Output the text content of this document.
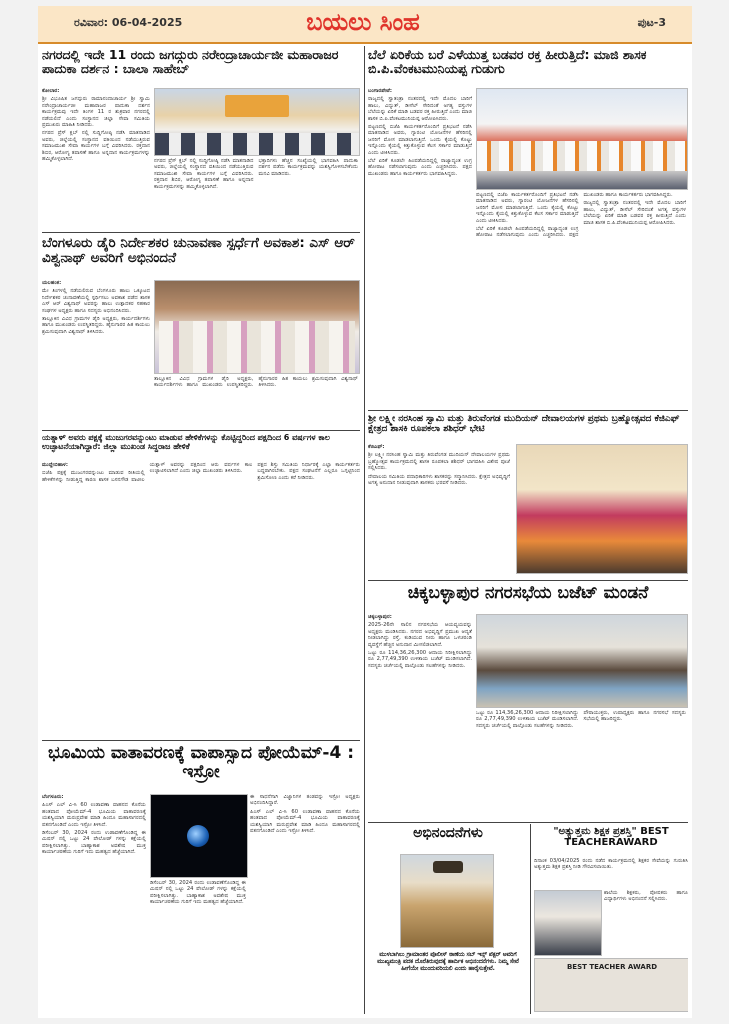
ರವಿವಾರ: 06-04-2025	ಬಯಲು ಸಿಂಹ	ಪುಟ-3
ನಗರದಲ್ಲಿ ಇದೇ 11 ರಂದು ಜಗದ್ಗುರು ನರೇಂದ್ರಾಚಾರ್ಯಜೀ ಮಹಾರಾಜರ ಪಾದುಕಾ ದರ್ಶನ : ಬಾಲಾ ಸಾಹೇಬ್

ಕೋಲಾರ:

ಶ್ರೀ ವಿಭೂಷಿತ ಜಗದ್ಗುರು ರಾಮಾನಂದಾಚಾರ್ಯ ಶ್ರೀ ಸ್ವಾಮಿ ನರೇಂದ್ರಾಚಾರ್ಯಜೀ ಮಹಾರಾಜರ ಪಾದುಕಾ ದರ್ಶನ ಕಾರ್ಯಕ್ರಮವು ಇದೇ ತಿಂಗಳ 11 ರ ಶುಕ್ರವಾರ ನಗರದಲ್ಲಿ ನಡೆಯಲಿದೆ ಎಂದು ಸಂಸ್ಥಾನದ ಜಿಲ್ಲಾ ಸೇವಾ ಸಮಿತಿಯ ಪ್ರಮುಖರು ಮಾಹಿತಿ ನೀಡಿದರು.

ನಗರದ ಪ್ರೆಸ್ ಕ್ಲಬ್ ನಲ್ಲಿ ಸುದ್ದಿಗೋಷ್ಠಿ ನಡೆಸಿ ಮಾತನಾಡಿದ ಅವರು, ಜಿಲ್ಲೆಯಲ್ಲಿ ಸಂಸ್ಥಾನದ ವತಿಯಿಂದ ನಡೆಯುತ್ತಿರುವ ಸಮಾಜಮುಖಿ ಸೇವಾ ಕಾರ್ಯಗಳ ಬಗ್ಗೆ ವಿವರಿಸಿದರು. ರಕ್ತದಾನ ಶಿಬಿರ, ಆರೋಗ್ಯ ತಪಾಸಣೆ ಹಾಗೂ ಅನ್ನದಾನ ಕಾರ್ಯಕ್ರಮಗಳನ್ನು ಹಮ್ಮಿಕೊಳ್ಳಲಾಗಿದೆ.	ನಗರದ ಪ್ರೆಸ್ ಕ್ಲಬ್ ನಲ್ಲಿ ಸುದ್ದಿಗೋಷ್ಠಿ ನಡೆಸಿ ಮಾತನಾಡಿದ ಅವರು, ಜಿಲ್ಲೆಯಲ್ಲಿ ಸಂಸ್ಥಾನದ ವತಿಯಿಂದ ನಡೆಯುತ್ತಿರುವ ಸಮಾಜಮುಖಿ ಸೇವಾ ಕಾರ್ಯಗಳ ಬಗ್ಗೆ ವಿವರಿಸಿದರು. ರಕ್ತದಾನ ಶಿಬಿರ, ಆರೋಗ್ಯ ತಪಾಸಣೆ ಹಾಗೂ ಅನ್ನದಾನ ಕಾರ್ಯಕ್ರಮಗಳನ್ನು ಹಮ್ಮಿಕೊಳ್ಳಲಾಗಿದೆ.

ಭಕ್ತಾದಿಗಳು ಹೆಚ್ಚಿನ ಸಂಖ್ಯೆಯಲ್ಲಿ ಭಾಗವಹಿಸಿ ಪಾದುಕಾ ದರ್ಶನ ಪಡೆದು ಕಾರ್ಯಕ್ರಮವನ್ನು ಯಶಸ್ವಿಗೊಳಿಸಬೇಕೆಂದು ಮನವಿ ಮಾಡಿದರು.

ಬೆಂಗಳೂರು ಡೈರಿ ನಿರ್ದೇಶಕರ ಚುನಾವಣಾ ಸ್ಪರ್ಧೆಗೆ ಅವಕಾಶ: ಎಸ್ ಆರ್ ವಿಶ್ವನಾಥ್ ಅವರಿಗೆ ಅಭಿನಂದನೆ

ಯಲಹಂಕ:

ಮೇ ತಿಂಗಳಲ್ಲಿ ನಡೆಯಲಿರುವ ಬೆಂಗಳೂರು ಹಾಲು ಒಕ್ಕೂಟದ ನಿರ್ದೇಶಕರ ಚುನಾವಣೆಯಲ್ಲಿ ಸ್ಪರ್ಧಿಸಲು ಅವಕಾಶ ಪಡೆದ ಶಾಸಕ ಎಸ್ ಆರ್ ವಿಶ್ವನಾಥ್ ಅವರನ್ನು ಹಾಲು ಉತ್ಪಾದಕರ ಸಹಕಾರ ಸಂಘಗಳ ಅಧ್ಯಕ್ಷರು ಹಾಗೂ ಸದಸ್ಯರು ಅಭಿನಂದಿಸಿದರು.

ತಾಲ್ಲೂಕಿನ ವಿವಿಧ ಗ್ರಾಮಗಳ ಡೈರಿ ಅಧ್ಯಕ್ಷರು, ಕಾರ್ಯದರ್ಶಿಗಳು ಹಾಗೂ ಮುಖಂಡರು ಉಪಸ್ಥಿತರಿದ್ದರು. ಹೈನುಗಾರರ ಹಿತ ಕಾಯಲು ಶ್ರಮಿಸುವುದಾಗಿ ವಿಶ್ವನಾಥ್ ತಿಳಿಸಿದರು.

ತಾಲ್ಲೂಕಿನ ವಿವಿಧ ಗ್ರಾಮಗಳ ಡೈರಿ ಅಧ್ಯಕ್ಷರು, ಕಾರ್ಯದರ್ಶಿಗಳು ಹಾಗೂ ಮುಖಂಡರು ಉಪಸ್ಥಿತರಿದ್ದರು. ಹೈನುಗಾರರ ಹಿತ ಕಾಯಲು ಶ್ರಮಿಸುವುದಾಗಿ ವಿಶ್ವನಾಥ್ ತಿಳಿಸಿದರು.

ಯತ್ನಾಳ್ ಅವರು ಪಕ್ಷಕ್ಕೆ ಮುಜುಗರವನ್ನುಂಟು ಮಾಡುವ ಹೇಳಿಕೆಗಳನ್ನು ಕೊಟ್ಟಿದ್ದರಿಂದ ಪಕ್ಷದಿಂದ 6 ವರ್ಷಗಳ ಕಾಲ ಉಚ್ಛಾಟನೆಯಾಗಿದ್ದಾರೆ: ಜಿಲ್ಲಾ ಮುಖಂಡ ಸಿದ್ದರಾಜ ಹೇಳಿಕೆ

ಮುದ್ದೇಬಿಹಾಳ:

ಬಿಜೆಪಿ ಪಕ್ಷಕ್ಕೆ ಮುಜುಗರವನ್ನುಂಟು ಮಾಡುವ ರೀತಿಯಲ್ಲಿ ಹೇಳಿಕೆಗಳನ್ನು ನೀಡುತ್ತಿದ್ದ ಕಾರಣ ಶಾಸಕ ಬಸನಗೌಡ ಪಾಟೀಲ ಯತ್ನಾಳ್ ಅವರನ್ನು ಪಕ್ಷದಿಂದ ಆರು ವರ್ಷಗಳ ಕಾಲ ಉಚ್ಛಾಟಿಸಲಾಗಿದೆ ಎಂದು ಜಿಲ್ಲಾ ಮುಖಂಡರು ತಿಳಿಸಿದರು.

ಪಕ್ಷದ ಶಿಸ್ತು ಸಮಿತಿಯ ನಿರ್ಧಾರಕ್ಕೆ ಎಲ್ಲಾ ಕಾರ್ಯಕರ್ತರು ಬದ್ಧರಾಗಿರಬೇಕು. ಪಕ್ಷದ ಸಂಘಟನೆಗೆ ಎಲ್ಲರೂ ಒಗ್ಗಟ್ಟಿನಿಂದ ಶ್ರಮಿಸೋಣ ಎಂದು ಕರೆ ನೀಡಿದರು.

ಭೂಮಿಯ ವಾತಾವರಣಕ್ಕೆ ವಾಪಾಸ್ಸಾದ ಪೋಯೆಮ್-4 : ಇಸ್ರೋ

ಬೆಂಗಳೂರು:

ಪಿಎಸ್ ಎಲ್ ವಿ-ಸಿ 60 ಉಡಾವಣಾ ವಾಹನದ ಕೊನೆಯ ಹಂತವಾದ ಪೋಯೆಮ್-4 ಭೂಮಿಯ ವಾತಾವರಣಕ್ಕೆ ಯಶಸ್ವಿಯಾಗಿ ಮರುಪ್ರವೇಶ ಮಾಡಿ ಹಿಂದೂ ಮಹಾಸಾಗರದಲ್ಲಿ ಪತನಗೊಂಡಿದೆ ಎಂದು ಇಸ್ರೋ ತಿಳಿಸಿದೆ.

ಡಿಸೆಂಬರ್ 30, 2024 ರಂದು ಉಡಾವಣೆಗೊಂಡಿದ್ದ ಈ ಮಿಷನ್ ನಲ್ಲಿ ಒಟ್ಟು 24 ಪೇಲೋಡ್ ಗಳನ್ನು ಕಕ್ಷೆಯಲ್ಲಿ ಪರೀಕ್ಷಿಸಲಾಗಿತ್ತು. ಬಾಹ್ಯಾಕಾಶ ಅವಶೇಷ ಮುಕ್ತ ಕಾರ್ಯಾಚರಣೆಯ ಗುರಿಗೆ ಇದು ಮಹತ್ವದ ಹೆಜ್ಜೆಯಾಗಿದೆ.

ಡಿಸೆಂಬರ್ 30, 2024 ರಂದು ಉಡಾವಣೆಗೊಂಡಿದ್ದ ಈ ಮಿಷನ್ ನಲ್ಲಿ ಒಟ್ಟು 24 ಪೇಲೋಡ್ ಗಳನ್ನು ಕಕ್ಷೆಯಲ್ಲಿ ಪರೀಕ್ಷಿಸಲಾಗಿತ್ತು. ಬಾಹ್ಯಾಕಾಶ ಅವಶೇಷ ಮುಕ್ತ ಕಾರ್ಯಾಚರಣೆಯ ಗುರಿಗೆ ಇದು ಮಹತ್ವದ ಹೆಜ್ಜೆಯಾಗಿದೆ.

ಈ ಸಾಧನೆಗಾಗಿ ವಿಜ್ಞಾನಿಗಳ ತಂಡವನ್ನು ಇಸ್ರೋ ಅಧ್ಯಕ್ಷರು ಅಭಿನಂದಿಸಿದ್ದಾರೆ.

ಪಿಎಸ್ ಎಲ್ ವಿ-ಸಿ 60 ಉಡಾವಣಾ ವಾಹನದ ಕೊನೆಯ ಹಂತವಾದ ಪೋಯೆಮ್-4 ಭೂಮಿಯ ವಾತಾವರಣಕ್ಕೆ ಯಶಸ್ವಿಯಾಗಿ ಮರುಪ್ರವೇಶ ಮಾಡಿ ಹಿಂದೂ ಮಹಾಸಾಗರದಲ್ಲಿ ಪತನಗೊಂಡಿದೆ ಎಂದು ಇಸ್ರೋ ತಿಳಿಸಿದೆ.

ಬೆಲೆ ಏರಿಕೆಯ ಬರೆ ಎಳೆಯುತ್ತ ಬಡವರ ರಕ್ತ ಹೀರುತ್ತಿದೆ: ಮಾಜಿ ಶಾಸಕ ಬಿ.ಪಿ.ವೆಂಕಟಮುನಿಯಪ್ಪ ಗುಡುಗು

ಬಂಗಾರಪೇಟೆ:

ರಾಜ್ಯದಲ್ಲಿ ಸ್ವಾತಂತ್ರಾ ನಂತರದಲ್ಲಿ ಇದೇ ಮೊದಲ ಬಾರಿಗೆ ಹಾಲು, ವಿದ್ಯುತ್, ಡೀಸೆಲ್ ಸೇರಿದಂತೆ ಅಗತ್ಯ ವಸ್ತುಗಳ ಬೆಲೆಯನ್ನು ಏರಿಕೆ ಮಾಡಿ ಬಡವರ ರಕ್ತ ಹೀರುತ್ತಿದೆ ಎಂದು ಮಾಜಿ ಶಾಸಕ ಬಿ.ಪಿ.ವೆಂಕಟಮುನಿಯಪ್ಪ ಆರೋಪಿಸಿದರು.

ಪಟ್ಟಣದಲ್ಲಿ ಬಿಜೆಪಿ ಕಾರ್ಯಕರ್ತರೊಂದಿಗೆ ಪ್ರತಿಭಟನೆ ನಡೆಸಿ ಮಾತನಾಡಿದ ಅವರು, ಗ್ಯಾರಂಟಿ ಯೋಜನೆಗಳ ಹೆಸರಿನಲ್ಲಿ ಜನರಿಗೆ ಮೋಸ ಮಾಡಲಾಗುತ್ತಿದೆ. ಒಂದು ಕೈಯಲ್ಲಿ ಕೊಟ್ಟು ಇನ್ನೊಂದು ಕೈಯಲ್ಲಿ ಕಿತ್ತುಕೊಳ್ಳುವ ಕೆಲಸ ಸರ್ಕಾರ ಮಾಡುತ್ತಿದೆ ಎಂದು ಟೀಕಿಸಿದರು.

ಬೆಲೆ ಏರಿಕೆ ಕೂಡಲೇ ಹಿಂಪಡೆಯದಿದ್ದಲ್ಲಿ ರಾಜ್ಯಾದ್ಯಂತ ಉಗ್ರ ಹೋರಾಟ ನಡೆಸಲಾಗುವುದು ಎಂದು ಎಚ್ಚರಿಸಿದರು. ಪಕ್ಷದ ಮುಖಂಡರು ಹಾಗೂ ಕಾರ್ಯಕರ್ತರು ಭಾಗವಹಿಸಿದ್ದರು.

ಪಟ್ಟಣದಲ್ಲಿ ಬಿಜೆಪಿ ಕಾರ್ಯಕರ್ತರೊಂದಿಗೆ ಪ್ರತಿಭಟನೆ ನಡೆಸಿ ಮಾತನಾಡಿದ ಅವರು, ಗ್ಯಾರಂಟಿ ಯೋಜನೆಗಳ ಹೆಸರಿನಲ್ಲಿ ಜನರಿಗೆ ಮೋಸ ಮಾಡಲಾಗುತ್ತಿದೆ. ಒಂದು ಕೈಯಲ್ಲಿ ಕೊಟ್ಟು ಇನ್ನೊಂದು ಕೈಯಲ್ಲಿ ಕಿತ್ತುಕೊಳ್ಳುವ ಕೆಲಸ ಸರ್ಕಾರ ಮಾಡುತ್ತಿದೆ ಎಂದು ಟೀಕಿಸಿದರು.

ಬೆಲೆ ಏರಿಕೆ ಕೂಡಲೇ ಹಿಂಪಡೆಯದಿದ್ದಲ್ಲಿ ರಾಜ್ಯಾದ್ಯಂತ ಉಗ್ರ ಹೋರಾಟ ನಡೆಸಲಾಗುವುದು ಎಂದು ಎಚ್ಚರಿಸಿದರು. ಪಕ್ಷದ ಮುಖಂಡರು ಹಾಗೂ ಕಾರ್ಯಕರ್ತರು ಭಾಗವಹಿಸಿದ್ದರು.

ರಾಜ್ಯದಲ್ಲಿ ಸ್ವಾತಂತ್ರಾ ನಂತರದಲ್ಲಿ ಇದೇ ಮೊದಲ ಬಾರಿಗೆ ಹಾಲು, ವಿದ್ಯುತ್, ಡೀಸೆಲ್ ಸೇರಿದಂತೆ ಅಗತ್ಯ ವಸ್ತುಗಳ ಬೆಲೆಯನ್ನು ಏರಿಕೆ ಮಾಡಿ ಬಡವರ ರಕ್ತ ಹೀರುತ್ತಿದೆ ಎಂದು ಮಾಜಿ ಶಾಸಕ ಬಿ.ಪಿ.ವೆಂಕಟಮುನಿಯಪ್ಪ ಆರೋಪಿಸಿದರು.

ಶ್ರೀ ಲಕ್ಷ್ಮೀ ನರಸಿಂಹ ಸ್ವಾಮಿ ಮತ್ತು ತಿರುವೆಂಗಡ ಮುದಿಯನ್ ದೇವಾಲಯಗಳ ಪ್ರಥಮ ಬ್ರಹ್ಮೋತ್ಸವದ ಕೆಜಿಎಫ್ ಕ್ಷೇತ್ರದ ಶಾಸಕಿ ರೂಪಕಲಾ ಶಶಿಧರ್ ಭೇಟಿ

ಕೆಜಿಎಫ್:

ಶ್ರೀ ಲಕ್ಷ್ಮೀ ನರಸಿಂಹ ಸ್ವಾಮಿ ಮತ್ತು ತಿರುವೆಂಗಡ ಮುದಿಯನ್ ದೇವಾಲಯಗಳ ಪ್ರಥಮ ಬ್ರಹ್ಮೋತ್ಸವ ಕಾರ್ಯಕ್ರಮದಲ್ಲಿ ಶಾಸಕಿ ರೂಪಕಲಾ ಶಶಿಧರ್ ಭಾಗವಹಿಸಿ ವಿಶೇಷ ಪೂಜೆ ಸಲ್ಲಿಸಿದರು.

ದೇವಾಲಯ ಸಮಿತಿಯ ಪದಾಧಿಕಾರಿಗಳು ಶಾಸಕರನ್ನು ಸನ್ಮಾನಿಸಿದರು. ಕ್ಷೇತ್ರದ ಅಭಿವೃದ್ಧಿಗೆ ಅಗತ್ಯ ಅನುದಾನ ನೀಡುವುದಾಗಿ ಶಾಸಕರು ಭರವಸೆ ನೀಡಿದರು.

ಚಿಕ್ಕಬಳ್ಳಾಪುರ ನಗರಸಭೆಯ ಬಜೆಟ್ ಮಂಡನೆ

ಚಿಕ್ಕಬಳ್ಳಾಪುರ:

2025-26ನೇ ಸಾಲಿನ ನಗರಸಭೆಯ ಆಯವ್ಯಯವನ್ನು ಅಧ್ಯಕ್ಷರು ಮಂಡಿಸಿದರು. ನಗರದ ಅಭಿವೃದ್ಧಿಗೆ ಪ್ರಮುಖ ಆದ್ಯತೆ ನೀಡಲಾಗಿದ್ದು ರಸ್ತೆ, ಕುಡಿಯುವ ನೀರು ಹಾಗೂ ಒಳಚರಂಡಿ ವ್ಯವಸ್ಥೆಗೆ ಹೆಚ್ಚಿನ ಅನುದಾನ ಮೀಸಲಿಡಲಾಗಿದೆ.

ಒಟ್ಟು ರೂ 114,36,26,300 ಆದಾಯ ನಿರೀಕ್ಷಿಸಲಾಗಿದ್ದು ರೂ 2,77,49,390 ಉಳಿತಾಯ ಬಜೆಟ್ ಮಂಡಿಸಲಾಗಿದೆ. ಸದಸ್ಯರು ಚರ್ಚೆಯಲ್ಲಿ ಪಾಲ್ಗೊಂಡು ಸಲಹೆಗಳನ್ನು ನೀಡಿದರು.

ಒಟ್ಟು ರೂ 114,36,26,300 ಆದಾಯ ನಿರೀಕ್ಷಿಸಲಾಗಿದ್ದು ರೂ 2,77,49,390 ಉಳಿತಾಯ ಬಜೆಟ್ ಮಂಡಿಸಲಾಗಿದೆ. ಸದಸ್ಯರು ಚರ್ಚೆಯಲ್ಲಿ ಪಾಲ್ಗೊಂಡು ಸಲಹೆಗಳನ್ನು ನೀಡಿದರು.

ಪೌರಾಯುಕ್ತರು, ಉಪಾಧ್ಯಕ್ಷರು ಹಾಗೂ ನಗರಸಭೆ ಸದಸ್ಯರು ಸಭೆಯಲ್ಲಿ ಹಾಜರಿದ್ದರು.

ಅಭಿನಂದನೆಗಳು
ಮುಳಬಾಗಿಲು ಗ್ರಾಮಾಂತರ ಪೊಲೀಸ್ ಠಾಣೆಯ ಸಬ್ ಇನ್ಸ್ ಪೆಕ್ಟರ್ ಅವರಿಗೆ ಮುಖ್ಯಮಂತ್ರಿ ಪದಕ ದೊರೆತಿರುವುದಕ್ಕೆ ಹಾರ್ದಿಕ ಅಭಿನಂದನೆಗಳು. ನಿಮ್ಮ ಸೇವೆ ಹೀಗೆಯೇ ಮುಂದುವರಿಯಲಿ ಎಂದು ಹಾರೈಸುತ್ತೇವೆ.
"ಅತ್ಯುತ್ತಮ ಶಿಕ್ಷಕ ಪ್ರಶಸ್ತಿ" BEST TEACHERAWARD

ದಿನಾಂಕ 03/04/2025 ರಂದು ನಡೆದ ಕಾರ್ಯಕ್ರಮದಲ್ಲಿ ಶಿಕ್ಷಕರ ಸೇವೆಯನ್ನು ಗುರುತಿಸಿ ಅತ್ಯುತ್ತಮ ಶಿಕ್ಷಕ ಪ್ರಶಸ್ತಿ ನೀಡಿ ಗೌರವಿಸಲಾಯಿತು.

ಶಾಲೆಯ ಶಿಕ್ಷಕರು, ಪೋಷಕರು ಹಾಗೂ ವಿದ್ಯಾರ್ಥಿಗಳು ಅಭಿನಂದನೆ ಸಲ್ಲಿಸಿದರು.

BEST TEACHER AWARD
